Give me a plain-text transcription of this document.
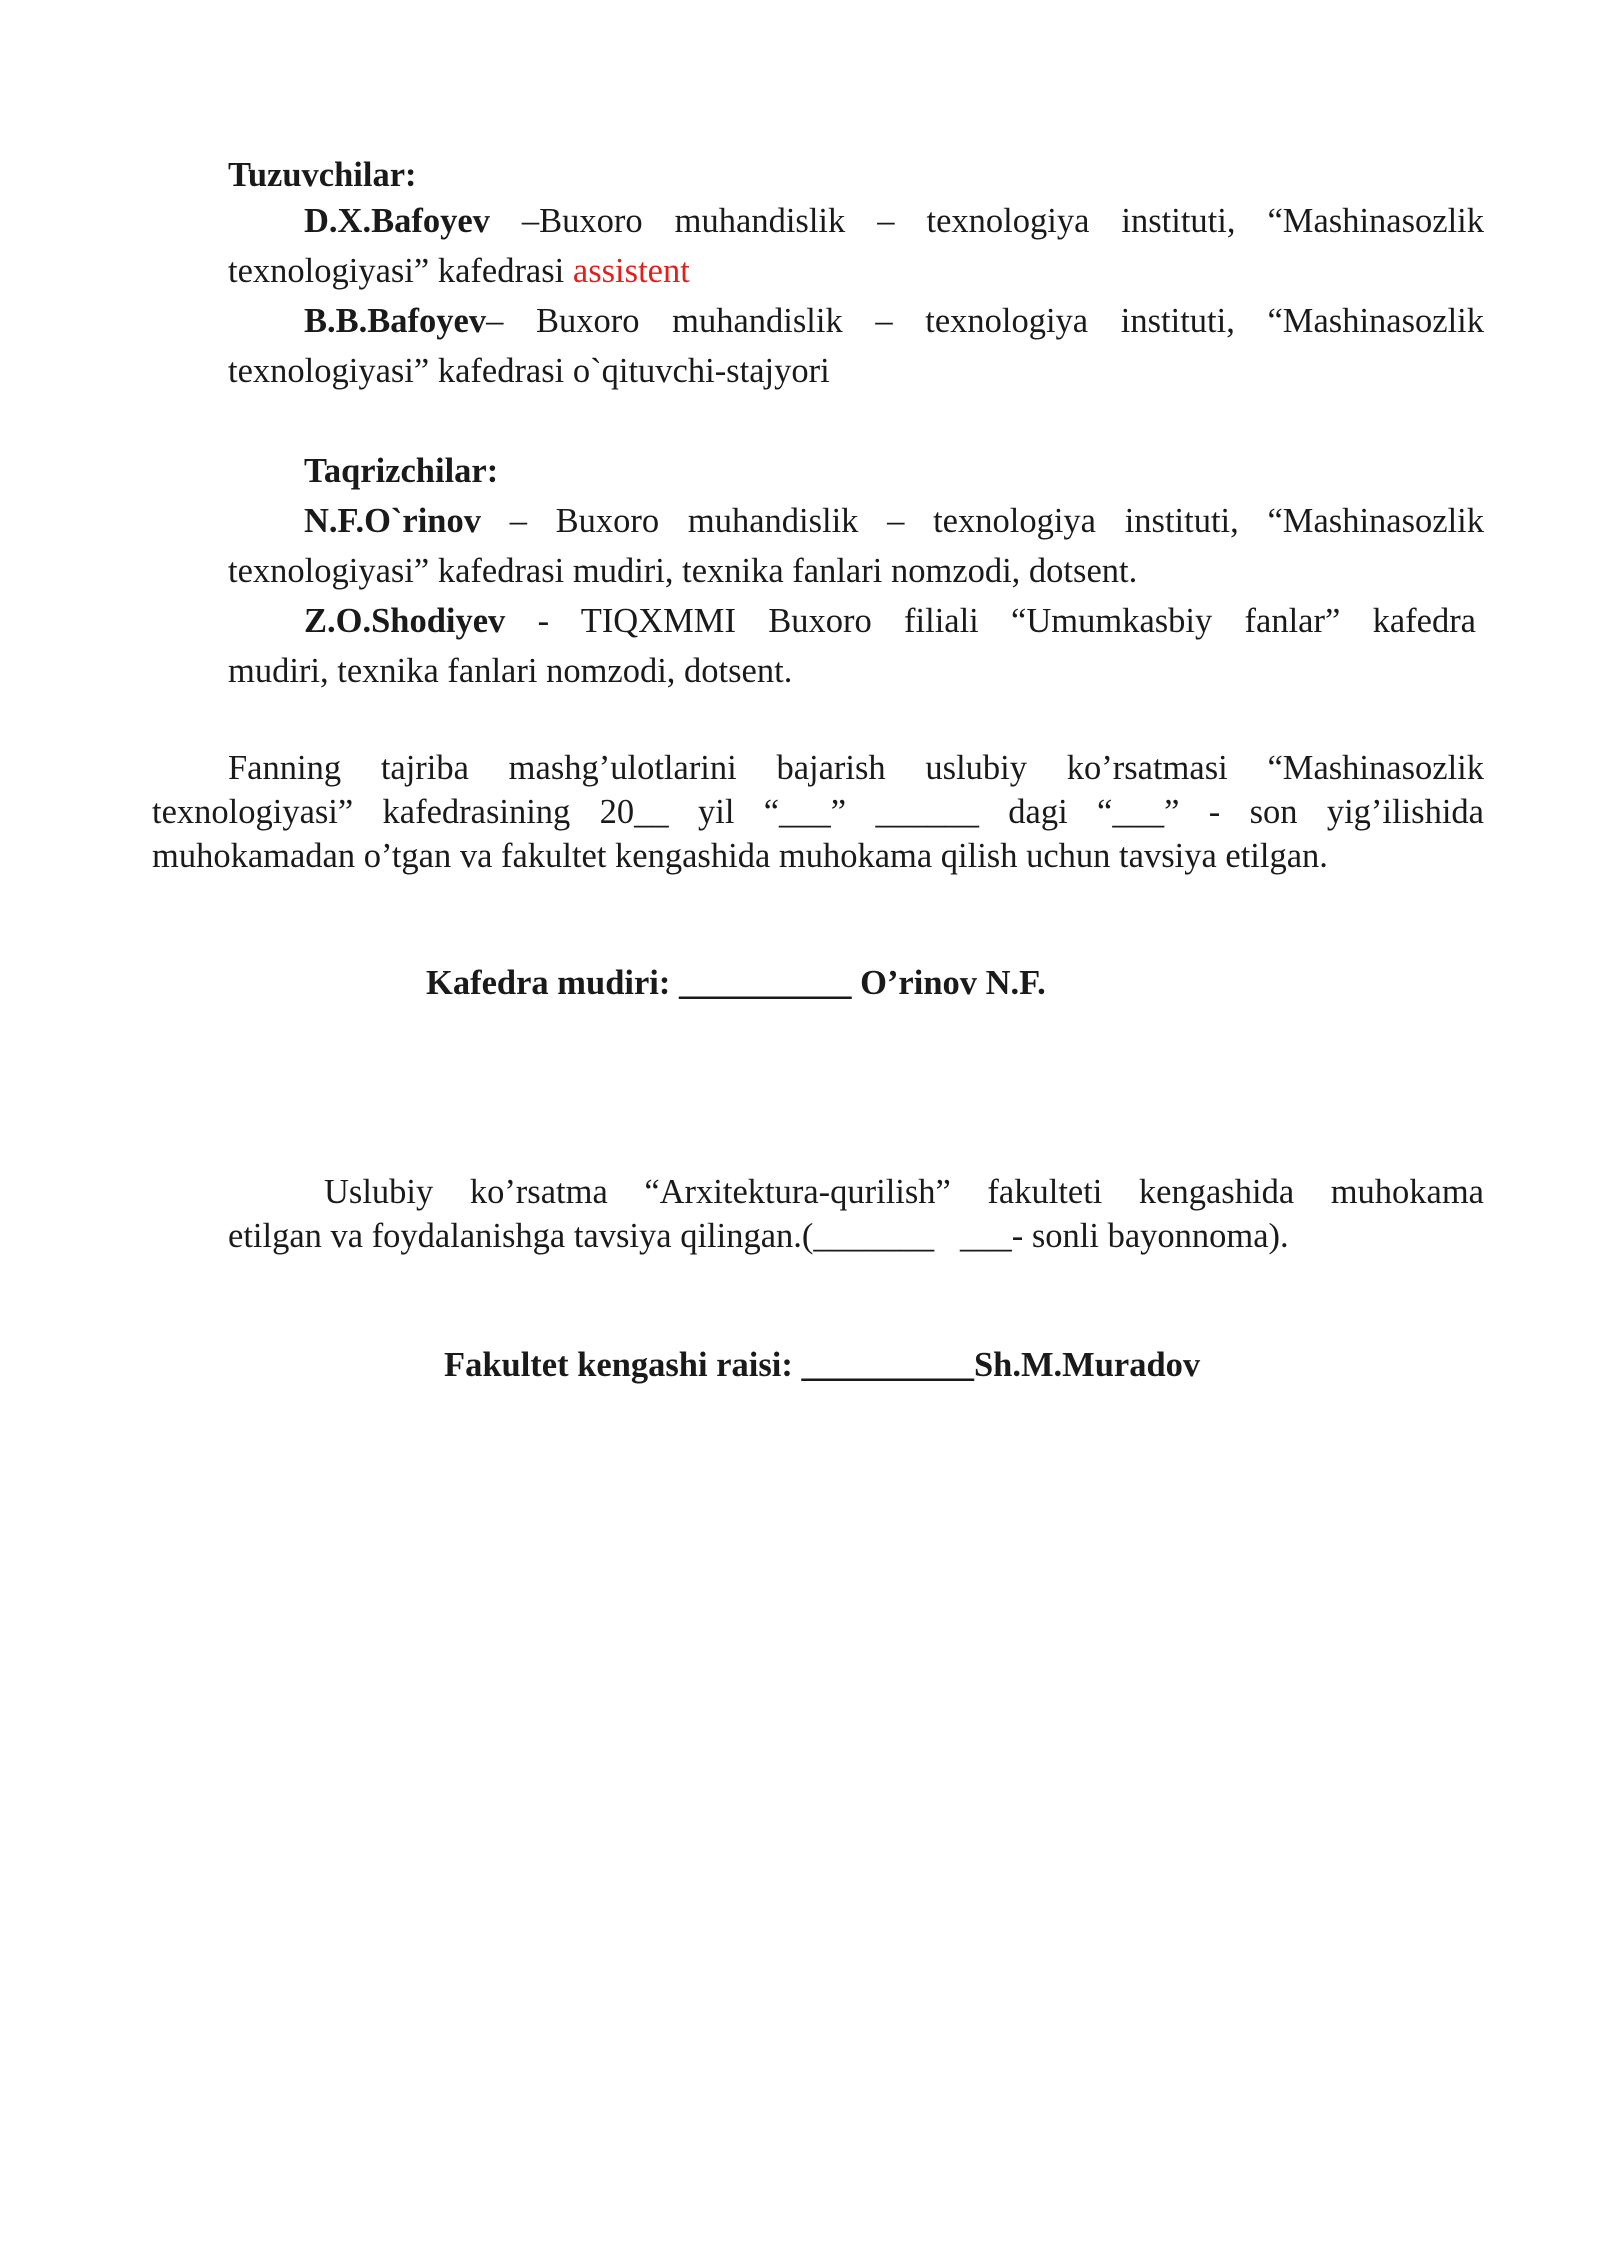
Tuzuvchilar:
D.X.Bafoyev –Buxoro muhandislik – texnologiya instituti, “Mashinasozlik
texnologiyasi” kafedrasi assistent
B.B.Bafoyev– Buxoro muhandislik – texnologiya instituti, “Mashinasozlik
texnologiyasi” kafedrasi o`qituvchi-stajyori
Taqrizchilar:
N.F.O`rinov – Buxoro muhandislik – texnologiya instituti, “Mashinasozlik
texnologiyasi” kafedrasi mudiri, texnika fanlari nomzodi, dotsent.
Z.O.Shodiyev - TIQXMMI Buxoro filiali “Umumkasbiy fanlar” kafedra
mudiri, texnika fanlari nomzodi, dotsent.
Fanning tajriba mashg’ulotlarini bajarish uslubiy ko’rsatmasi “Mashinasozlik
texnologiyasi” kafedrasining 20__ yil “___” ______ dagi “___” - son yig’ilishida
muhokamadan o’tgan va fakultet kengashida muhokama qilish uchun tavsiya etilgan.
Kafedra mudiri: __________ O’rinov N.F.
Uslubiy ko’rsatma “Arxitektura-qurilish” fakulteti kengashida muhokama
etilgan va foydalanishga tavsiya qilingan.(_______   ___- sonli bayonnoma).
Fakultet kengashi raisi: __________Sh.M.Muradov
